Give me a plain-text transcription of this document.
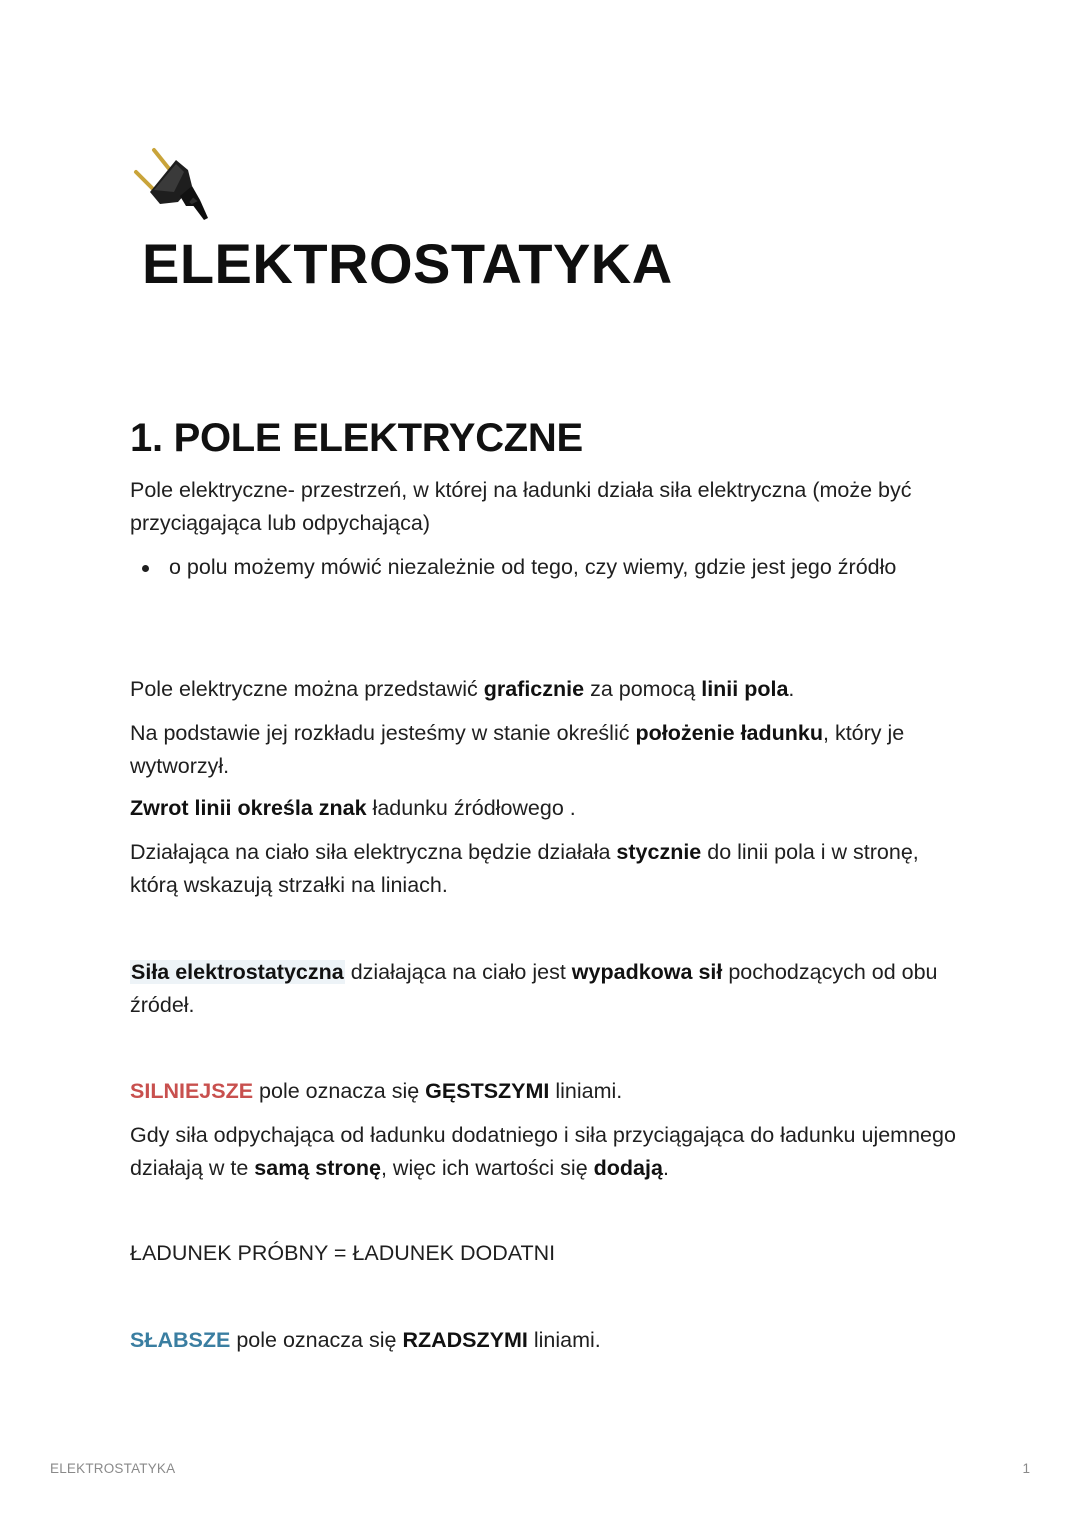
ELEKTROSTATYKA
1. POLE ELEKTRYCZNE

Pole elektryczne- przestrzeń, w której na ładunki działa siła elektryczna (może być przyciągająca lub odpychająca)

o polu możemy mówić niezależnie od tego, czy wiemy, gdzie jest jego źródło

Pole elektryczne można przedstawić graficznie za pomocą linii pola.

Na podstawie jej rozkładu jesteśmy w stanie określić położenie ładunku, który je wytworzył.

Zwrot linii określa znak ładunku źródłowego .

Działająca na ciało siła elektryczna będzie działała stycznie do linii pola i w stronę, którą wskazują strzałki na liniach.

Siła elektrostatyczna działająca na ciało jest wypadkowa sił pochodzących od obu źródeł.

SILNIEJSZE pole oznacza się GĘSTSZYMI liniami.

Gdy siła odpychająca od ładunku dodatniego i siła przyciągająca do ładunku ujemnego działają w te samą stronę, więc ich wartości się dodają.

ŁADUNEK PRÓBNY = ŁADUNEK DODATNI

SŁABSZE pole oznacza się RZADSZYMI liniami.

ELEKTROSTATYKA	1
